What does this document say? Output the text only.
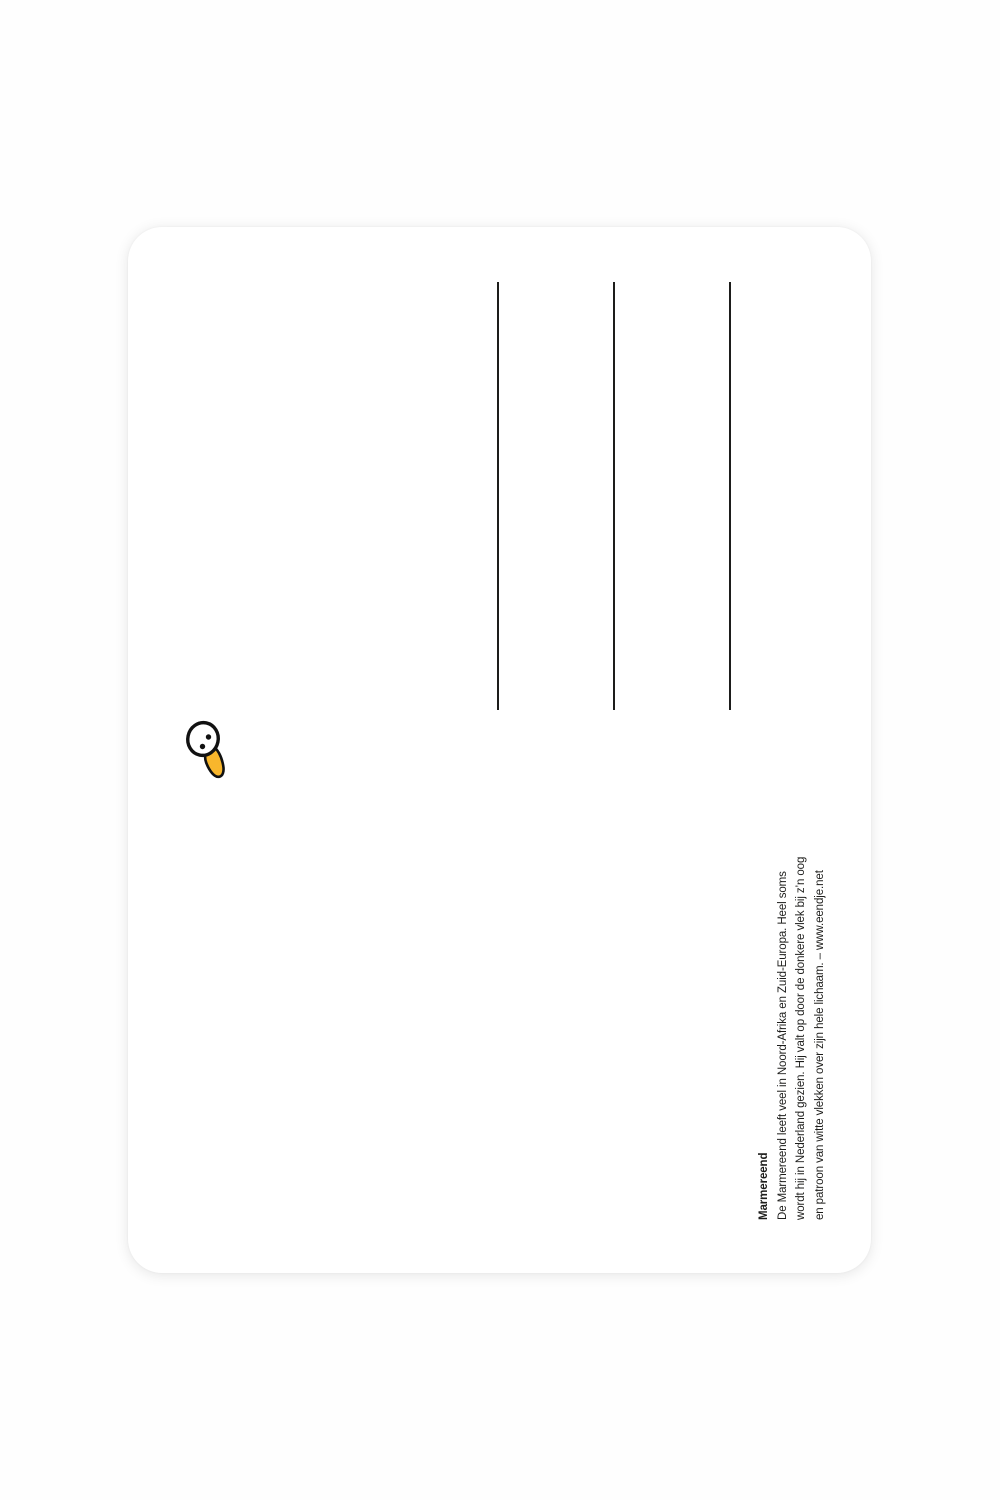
Marmereend De Marmereend leeft veel in Noord-Afrika en Zuid-Europa. Heel soms wordt hij in Nederland gezien. Hij valt op door de donkere vlek bij z’n oog en patroon van witte vlekken over zijn hele lichaam. – www.eendje.net
